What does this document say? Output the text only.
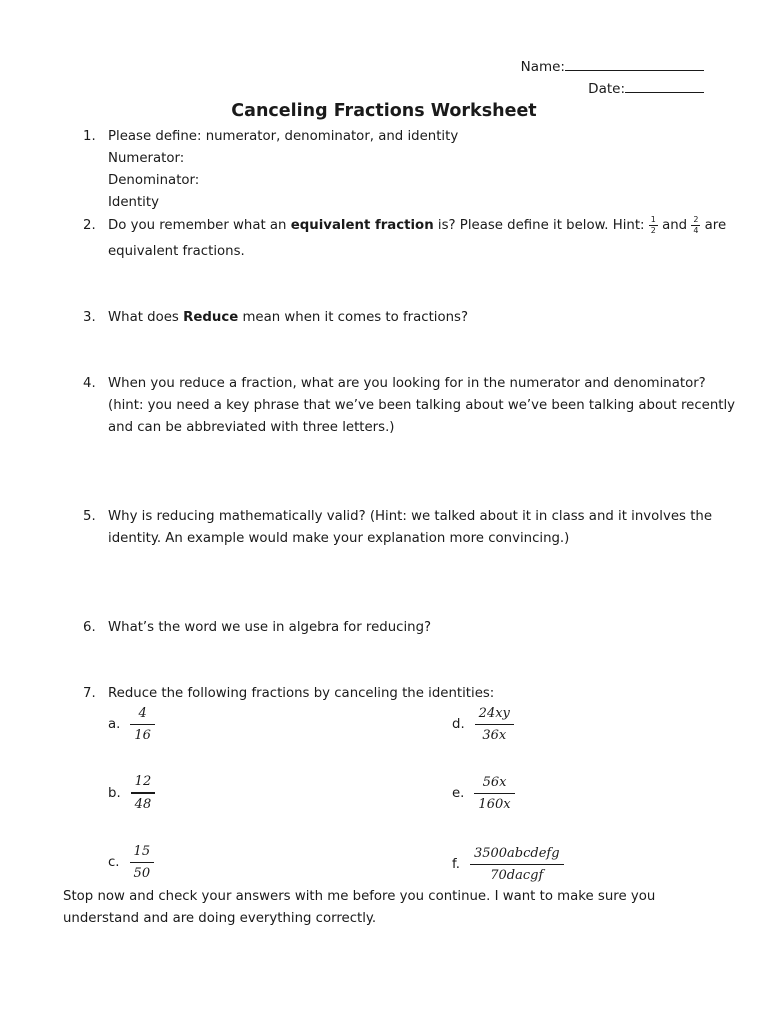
Name:
Date:
Canceling Fractions Worksheet
1. Please define: numerator, denominator, and identity
Numerator:
Denominator:
Identity
2. Do you remember what an equivalent fraction is? Please define it below. Hint: $\frac{1}{2}$ and $\frac{2}{4}$ are
equivalent fractions.
3. What does Reduce mean when it comes to fractions?
4. When you reduce a fraction, what are you looking for in the numerator and denominator?
(hint: you need a key phrase that we’ve been talking about we’ve been talking about recently
and can be abbreviated with three letters.)
5. Why is reducing mathematically valid? (Hint: we talked about it in class and it involves the
identity. An example would make your explanation more convincing.)
6. What’s the word we use in algebra for reducing?
7. Reduce the following fractions by canceling the identities:
a. $\frac{4}{16}$
b. $\frac{12}{48}$
c. $\frac{15}{50}$
d. $\frac{24xy}{36x}$
e. $\frac{56x}{160x}$
f. $\frac{\text{3500abcdefg}}{\text{70dacgf}}$
Stop now and check your answers with me before you continue. I want to make sure you
understand and are doing everything correctly.
